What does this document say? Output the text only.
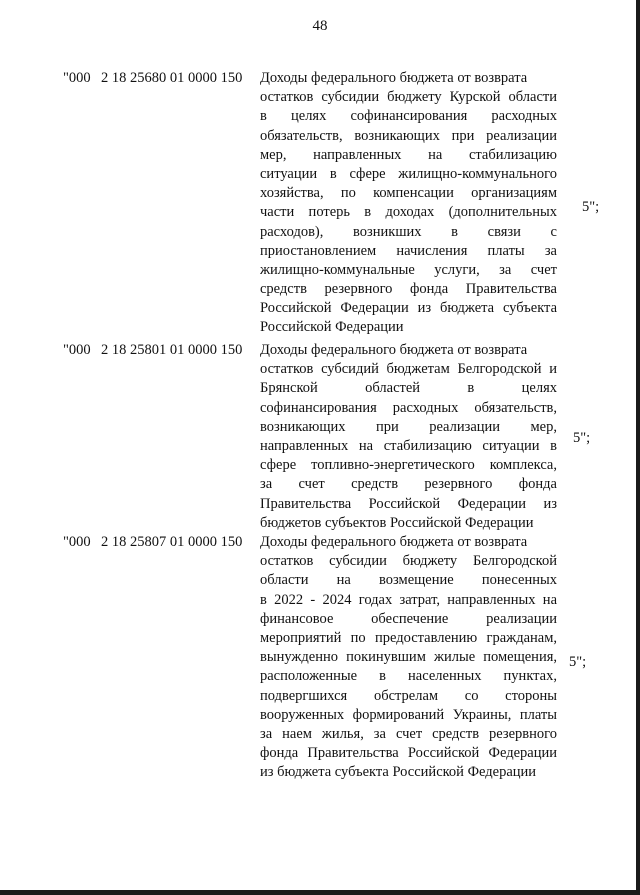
48
"000 2 18 25680 01 0000 150 Доходы федерального бюджета от возврата
остатков субсидии бюджету Курской области
в целях софинансирования расходных
обязательств, возникающих при реализации
мер, направленных на стабилизацию
ситуации в сфере жилищно-коммунального
хозяйства, по компенсации организациям
части потерь в доходах (дополнительных
расходов), возникших в связи с
приостановлением начисления платы за
жилищно-коммунальные услуги, за счет
средств резервного фонда Правительства
Российской Федерации из бюджета субъекта
Российской Федерации
5";
"000 2 18 25801 01 0000 150 Доходы федерального бюджета от возврата
остатков субсидий бюджетам Белгородской и
Брянской областей в целях
софинансирования расходных обязательств,
возникающих при реализации мер,
направленных на стабилизацию ситуации в
сфере топливно-энергетического комплекса,
за счет средств резервного фонда
Правительства Российской Федерации из
бюджетов субъектов Российской Федерации
5";
"000 2 18 25807 01 0000 150 Доходы федерального бюджета от возврата
остатков субсидии бюджету Белгородской
области на возмещение понесенных
в 2022 - 2024 годах затрат, направленных на
финансовое обеспечение реализации
мероприятий по предоставлению гражданам,
вынужденно покинувшим жилые помещения,
расположенные в населенных пунктах,
подвергшихся обстрелам со стороны
вооруженных формирований Украины, платы
за наем жилья, за счет средств резервного
фонда Правительства Российской Федерации
из бюджета субъекта Российской Федерации
5";
